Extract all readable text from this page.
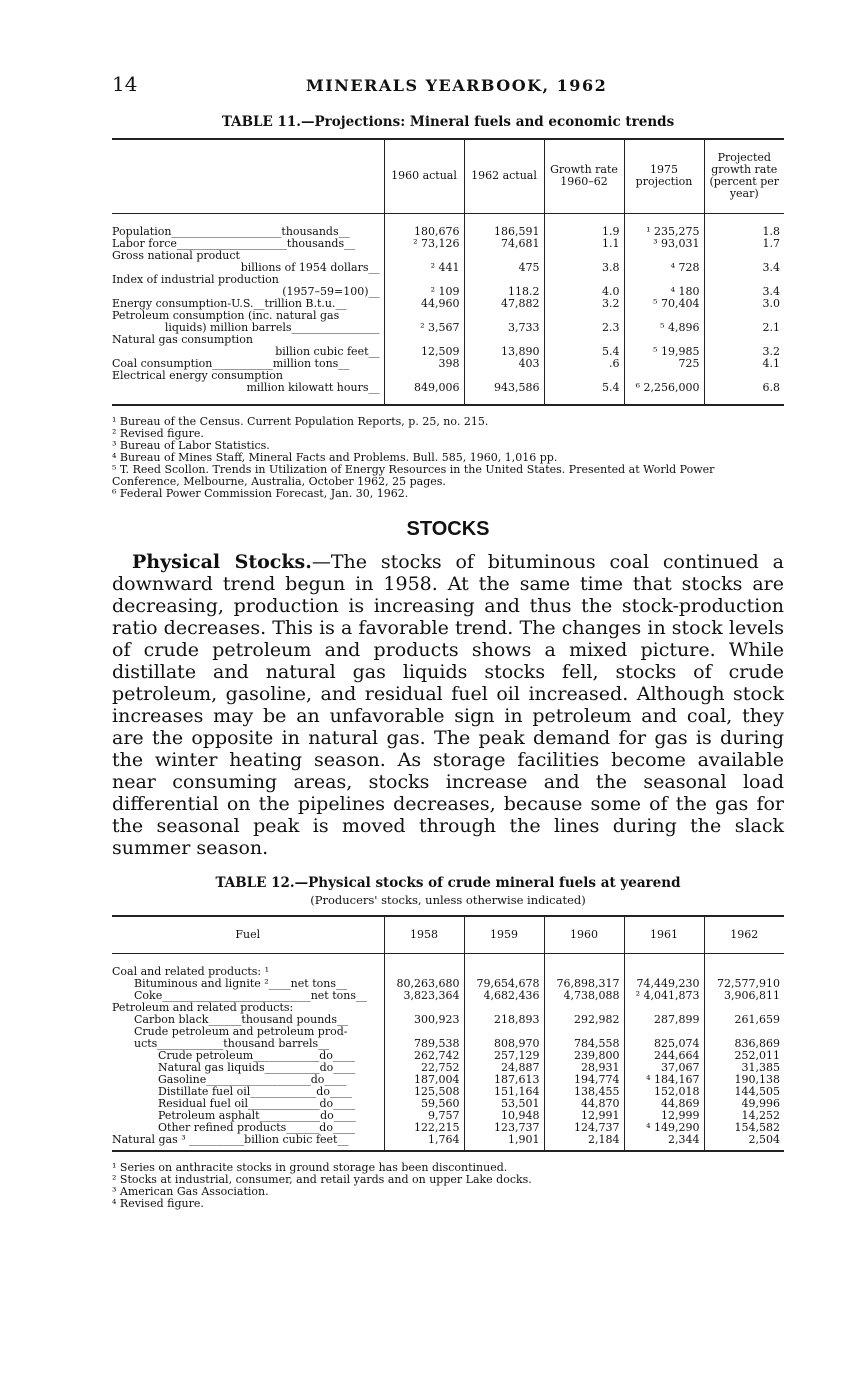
14	MINERALS YEARBOOK, 1962
TABLE 11.—Projections: Mineral fuels and economic trends
	1960 actual	1962 actual	Growth rate 1960–62	1975 projection	Projected growth rate (percent per year)

Population____________________thousands__	180,676	186,591	1.9	¹ 235,275	1.8

Labor force____________________thousands__	² 73,126	74,681	1.1	³ 93,031	1.7

Gross national product
billions of 1954 dollars__	² 441	475	3.8	⁴ 728	3.4

Index of industrial production
(1957–59=100)__	² 109	118.2	4.0	⁴ 180	3.4

Energy consumption-U.S.__trillion B.t.u.__	44,960	47,882	3.2	⁵ 70,404	3.0

Petroleum consumption (inc. natural gas
liquids) million barrels________________	² 3,567	3,733	2.3	⁵ 4,896	2.1

Natural gas consumption
billion cubic feet__	12,509	13,890	5.4	⁵ 19,985	3.2

Coal consumption___________million tons__	398	403	.6	725	4.1

Electrical energy consumption
million kilowatt hours__	849,006	943,586	5.4	⁶ 2,256,000	6.8
¹ Bureau of the Census. Current Population Reports, p. 25, no. 215.
² Revised figure.
³ Bureau of Labor Statistics.
⁴ Bureau of Mines Staff, Mineral Facts and Problems. Bull. 585, 1960, 1,016 pp.
⁵ T. Reed Scollon. Trends in Utilization of Energy Resources in the United States. Presented at World Power Conference, Melbourne, Australia, October 1962, 25 pages.
⁶ Federal Power Commission Forecast, Jan. 30, 1962.
STOCKS

Physical Stocks.—The stocks of bituminous coal continued a downward trend begun in 1958. At the same time that stocks are decreasing, production is increasing and thus the stock-production ratio decreases. This is a favorable trend. The changes in stock levels of crude petroleum and products shows a mixed picture. While distillate and natural gas liquids stocks fell, stocks of crude petroleum, gasoline, and residual fuel oil increased. Although stock increases may be an unfavorable sign in petroleum and coal, they are the opposite in natural gas. The peak demand for gas is during the winter heating season. As storage facilities become available near consuming areas, stocks increase and the seasonal load differential on the pipelines decreases, because some of the gas for the seasonal peak is moved through the lines during the slack summer season.

TABLE 12.—Physical stocks of crude mineral fuels at yearend
(Producers' stocks, unless otherwise indicated)
Fuel	1958	1959	1960	1961	1962

Coal and related products: ¹					

Bituminous and lignite ²____net tons__	80,263,680	79,654,678	76,898,317	74,449,230	72,577,910

Coke___________________________net tons__	3,823,364	4,682,436	4,738,088	² 4,041,873	3,906,811

Petroleum and related products:					

Carbon black______thousand pounds__	300,923	218,893	292,982	287,899	261,659

Crude petroleum and petroleum prod-					

ucts____________thousand barrels__	789,538	808,970	784,558	825,074	836,869

Crude petroleum____________do____	262,742	257,129	239,800	244,664	252,011

Natural gas liquids__________do____	22,752	24,887	28,931	37,067	31,385

Gasoline___________________do____	187,004	187,613	194,774	⁴ 184,167	190,138

Distillate fuel oil____________do____	125,508	151,164	138,455	152,018	144,505

Residual fuel oil_____________do____	59,560	53,501	44,870	44,869	49,996

Petroleum asphalt___________do____	9,757	10,948	12,991	12,999	14,252

Other refined products______do____	122,215	123,737	124,737	⁴ 149,290	154,582

Natural gas ³ __________billion cubic feet__	1,764	1,901	2,184	2,344	2,504
¹ Series on anthracite stocks in ground storage has been discontinued.
² Stocks at industrial, consumer, and retail yards and on upper Lake docks.
³ American Gas Association.
⁴ Revised figure.
